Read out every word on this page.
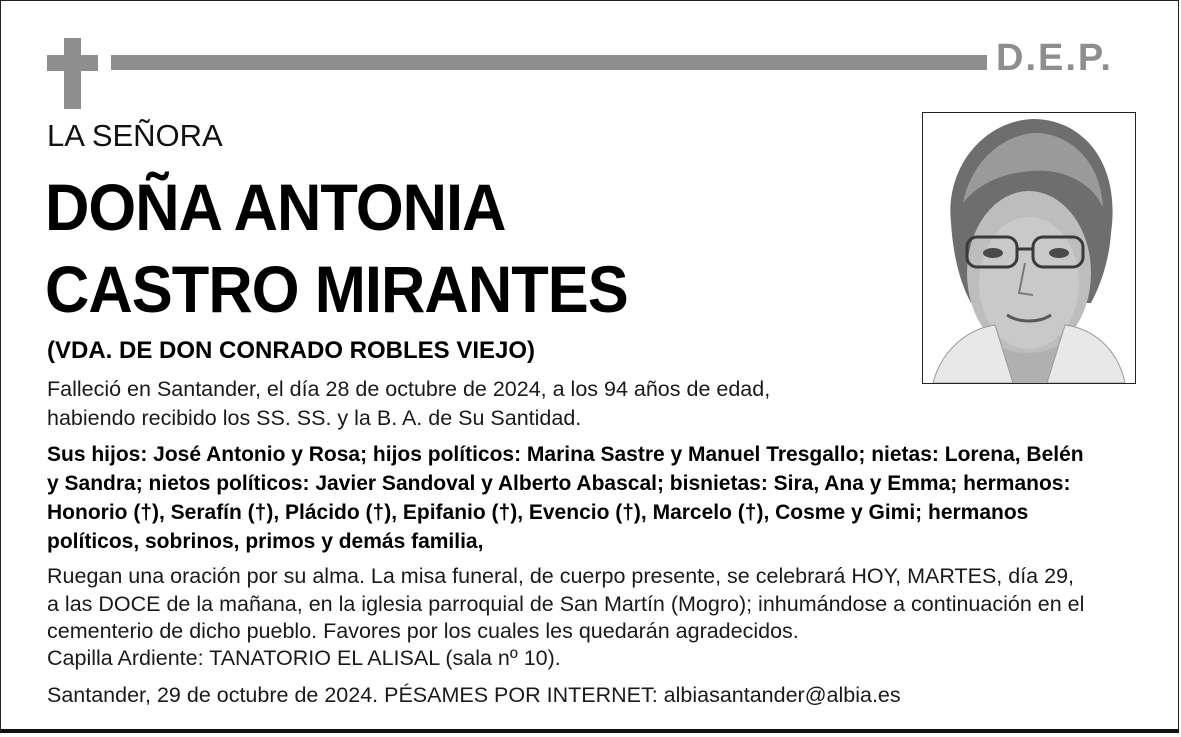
D.E.P.
LA SEÑORA
DOÑA ANTONIA
CASTRO MIRANTES
(VDA. DE DON CONRADO ROBLES VIEJO)
Falleció en Santander, el día 28 de octubre de 2024, a los 94 años de edad,
habiendo recibido los SS. SS. y la B. A. de Su Santidad.
Sus hijos: José Antonio y Rosa; hijos políticos: Marina Sastre y Manuel Tresgallo; nietas: Lorena, Belén
y Sandra; nietos políticos: Javier Sandoval y Alberto Abascal; bisnietas: Sira, Ana y Emma; hermanos:
Honorio (†), Serafín (†), Plácido (†), Epifanio (†), Evencio (†), Marcelo (†), Cosme y Gimi; hermanos
políticos, sobrinos, primos y demás familia,
Ruegan una oración por su alma. La misa funeral, de cuerpo presente, se celebrará HOY, MARTES, día 29,
a las DOCE de la mañana, en la iglesia parroquial de San Martín (Mogro); inhumándose a continuación en el
cementerio de dicho pueblo. Favores por los cuales les quedarán agradecidos.
Capilla Ardiente: TANATORIO EL ALISAL (sala nº 10).
Santander, 29 de octubre de 2024. PÉSAMES POR INTERNET: albiasantander@albia.es
